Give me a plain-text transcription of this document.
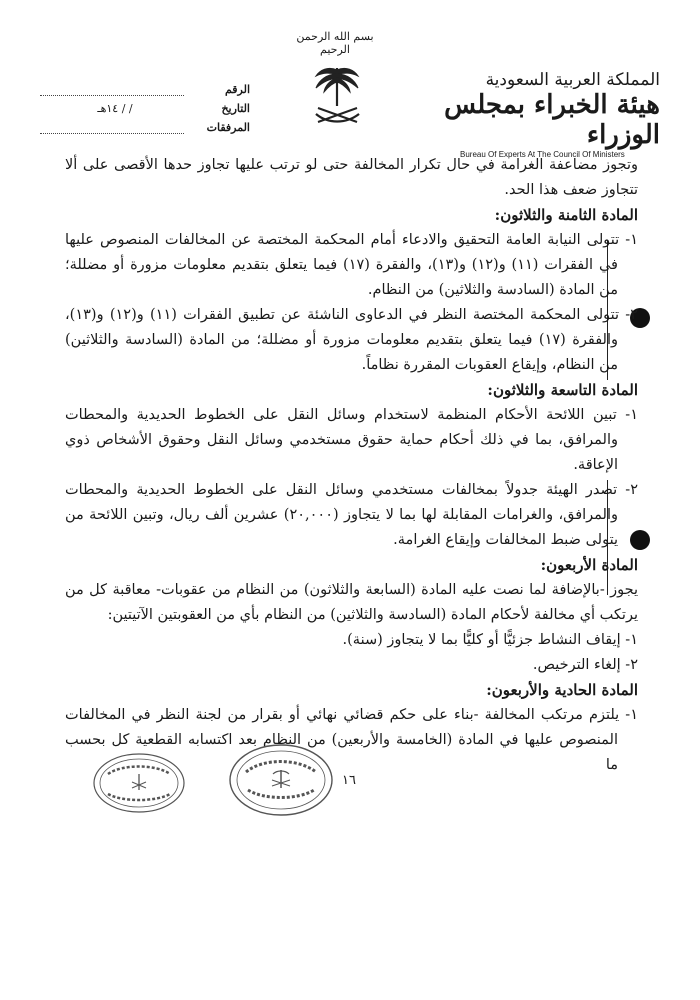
المملكة العربية السعودية
هيئة الخبراء بمجلس الوزراء
Bureau Of Experts At The Council Of Ministers
بسم الله الرحمن الرحيم
الرقم
التاريخ
/ / ١٤هـ
المرفقات

وتجوز مضاعفة الغرامة في حال تكرار المخالفة حتى لو ترتب عليها تجاوز حدها الأقصى على ألا تتجاوز ضعف هذا الحد.

المادة الثامنة والثلاثون:

١- تتولى النيابة العامة التحقيق والادعاء أمام المحكمة المختصة عن المخالفات المنصوص عليها في الفقرات (١١) و(١٢) و(١٣)، والفقرة (١٧) فيما يتعلق بتقديم معلومات مزورة أو مضللة؛ من المادة (السادسة والثلاثين) من النظام.

٢- تتولى المحكمة المختصة النظر في الدعاوى الناشئة عن تطبيق الفقرات (١١) و(١٢) و(١٣)، والفقرة (١٧) فيما يتعلق بتقديم معلومات مزورة أو مضللة؛ من المادة (السادسة والثلاثين) من النظام، وإيقاع العقوبات المقررة نظاماً.

المادة التاسعة والثلاثون:

١- تبين اللائحة الأحكام المنظمة لاستخدام وسائل النقل على الخطوط الحديدية والمحطات والمرافق، بما في ذلك أحكام حماية حقوق مستخدمي وسائل النقل وحقوق الأشخاص ذوي الإعاقة.

٢- تصدر الهيئة جدولاً بمخالفات مستخدمي وسائل النقل على الخطوط الحديدية والمحطات والمرافق، والغرامات المقابلة لها بما لا يتجاوز (٢٠,٠٠٠) عشرين ألف ريال، وتبين اللائحة من يتولى ضبط المخالفات وإيقاع الغرامة.

المادة الأربعون:

يجوز -بالإضافة لما نصت عليه المادة (السابعة والثلاثون) من النظام من عقوبات- معاقبة كل من يرتكب أي مخالفة لأحكام المادة (السادسة والثلاثين) من النظام بأي من العقوبتين الآتيتين:

١- إيقاف النشاط جزئيًّا أو كليًّا بما لا يتجاوز (سنة).

٢- إلغاء الترخيص.

المادة الحادية والأربعون:

١- يلتزم مرتكب المخالفة -بناء على حكم قضائي نهائي أو بقرار من لجنة النظر في المخالفات المنصوص عليها في المادة (الخامسة والأربعين) من النظام بعد اكتسابه القطعية كل بحسب ما

١٦
